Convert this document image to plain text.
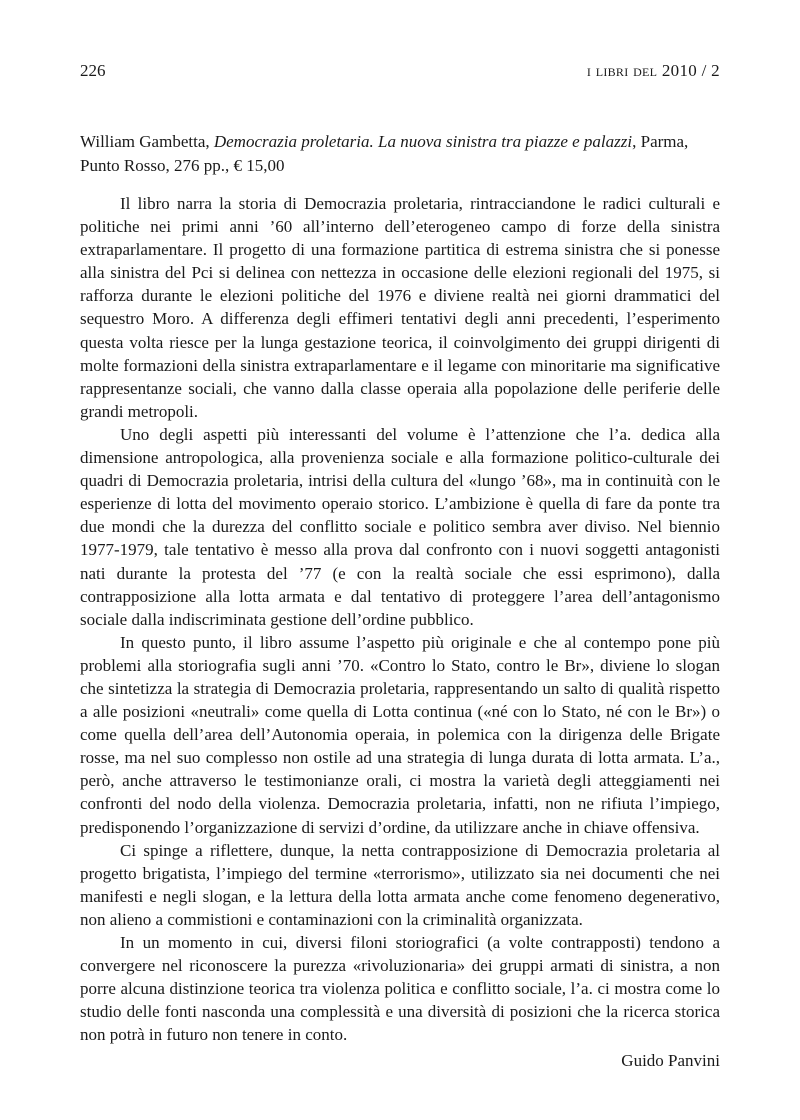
226	i libri del 2010 / 2
William Gambetta, Democrazia proletaria. La nuova sinistra tra piazze e palazzi, Parma, Punto Rosso, 276 pp., € 15,00

Il libro narra la storia di Democrazia proletaria, rintracciandone le radici culturali e politiche nei primi anni ’60 all’interno dell’eterogeneo campo di forze della sinistra extraparlamentare. Il progetto di una formazione partitica di estrema sinistra che si ponesse alla sinistra del Pci si delinea con nettezza in occasione delle elezioni regionali del 1975, si rafforza durante le elezioni politiche del 1976 e diviene realtà nei giorni drammatici del sequestro Moro. A differenza degli effimeri tentativi degli anni precedenti, l’esperimento questa volta riesce per la lunga gestazione teorica, il coinvolgimento dei gruppi dirigenti di molte formazioni della sinistra extraparlamentare e il legame con minoritarie ma significative rappresentanze sociali, che vanno dalla classe operaia alla popolazione delle periferie delle grandi metropoli.

Uno degli aspetti più interessanti del volume è l’attenzione che l’a. dedica alla dimensione antropologica, alla provenienza sociale e alla formazione politico-culturale dei quadri di Democrazia proletaria, intrisi della cultura del «lungo ’68», ma in continuità con le esperienze di lotta del movimento operaio storico. L’ambizione è quella di fare da ponte tra due mondi che la durezza del conflitto sociale e politico sembra aver diviso. Nel biennio 1977-1979, tale tentativo è messo alla prova dal confronto con i nuovi soggetti antagonisti nati durante la protesta del ’77 (e con la realtà sociale che essi esprimono), dalla contrapposizione alla lotta armata e dal tentativo di proteggere l’area dell’antagonismo sociale dalla indiscriminata gestione dell’ordine pubblico.

In questo punto, il libro assume l’aspetto più originale e che al contempo pone più problemi alla storiografia sugli anni ’70. «Contro lo Stato, contro le Br», diviene lo slogan che sintetizza la strategia di Democrazia proletaria, rappresentando un salto di qualità rispetto a alle posizioni «neutrali» come quella di Lotta continua («né con lo Stato, né con le Br») o come quella dell’area dell’Autonomia operaia, in polemica con la dirigenza delle Brigate rosse, ma nel suo complesso non ostile ad una strategia di lunga durata di lotta armata. L’a., però, anche attraverso le testimonianze orali, ci mostra la varietà degli atteggiamenti nei confronti del nodo della violenza. Democrazia proletaria, infatti, non ne rifiuta l’impiego, predisponendo l’organizzazione di servizi d’ordine, da utilizzare anche in chiave offensiva.

Ci spinge a riflettere, dunque, la netta contrapposizione di Democrazia proletaria al progetto brigatista, l’impiego del termine «terrorismo», utilizzato sia nei documenti che nei manifesti e negli slogan, e la lettura della lotta armata anche come fenomeno degenerativo, non alieno a commistioni e contaminazioni con la criminalità organizzata.

In un momento in cui, diversi filoni storiografici (a volte contrapposti) tendono a convergere nel riconoscere la purezza «rivoluzionaria» dei gruppi armati di sinistra, a non porre alcuna distinzione teorica tra violenza politica e conflitto sociale, l’a. ci mostra come lo studio delle fonti nasconda una complessità e una diversità di posizioni che la ricerca storica non potrà in futuro non tenere in conto.

Guido Panvini
